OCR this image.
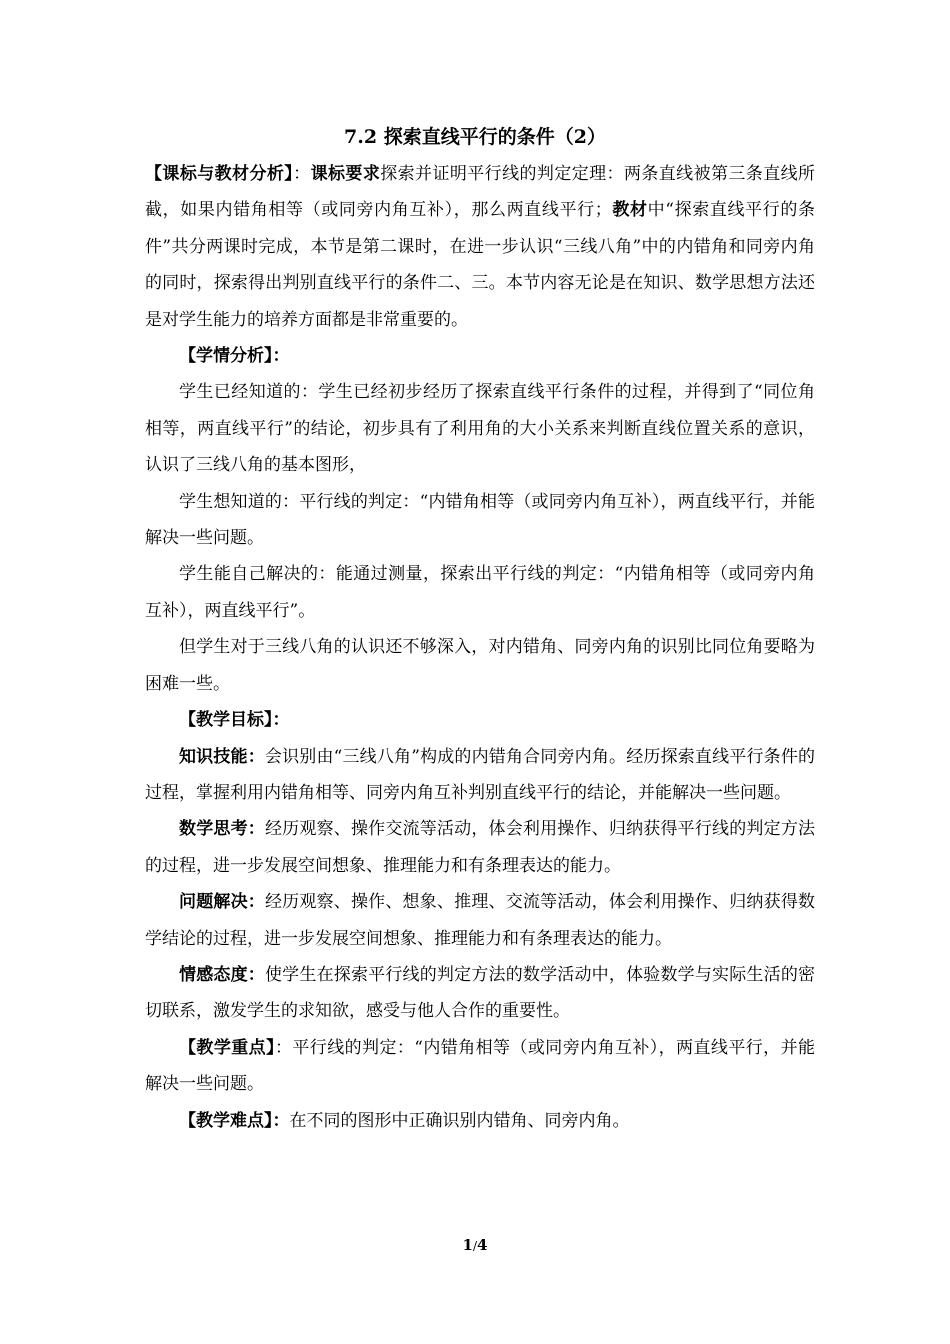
7.2 探索直线平行的条件（2）

【课标与教材分析】：课标要求探索并证明平行线的判定定理：两条直线被第三条直线所截，如果内错角相等（或同旁内角互补），那么两直线平行；教材中“探索直线平行的条件”共分两课时完成，本节是第二课时，在进一步认识“三线八角”中的内错角和同旁内角的同时，探索得出判别直线平行的条件二、三。本节内容无论是在知识、数学思想方法还是对学生能力的培养方面都是非常重要的。

【学情分析】：

学生已经知道的：学生已经初步经历了探索直线平行条件的过程，并得到了“同位角相等，两直线平行”的结论，初步具有了利用角的大小关系来判断直线位置关系的意识，认识了三线八角的基本图形，

学生想知道的：平行线的判定：“内错角相等（或同旁内角互补），两直线平行，并能解决一些问题。

学生能自己解决的：能通过测量，探索出平行线的判定：“内错角相等（或同旁内角互补），两直线平行”。

但学生对于三线八角的认识还不够深入，对内错角、同旁内角的识别比同位角要略为困难一些。

【教学目标】：

知识技能：会识别由“三线八角”构成的内错角合同旁内角。经历探索直线平行条件的过程，掌握利用内错角相等、同旁内角互补判别直线平行的结论，并能解决一些问题。

数学思考：经历观察、操作交流等活动，体会利用操作、归纳获得平行线的判定方法的过程，进一步发展空间想象、推理能力和有条理表达的能力。

问题解决：经历观察、操作、想象、推理、交流等活动，体会利用操作、归纳获得数学结论的过程，进一步发展空间想象、推理能力和有条理表达的能力。

情感态度：使学生在探索平行线的判定方法的数学活动中，体验数学与实际生活的密切联系，激发学生的求知欲，感受与他人合作的重要性。

【教学重点】：平行线的判定：“内错角相等（或同旁内角互补），两直线平行，并能解决一些问题。

【教学难点】：在不同的图形中正确识别内错角、同旁内角。

1/4
